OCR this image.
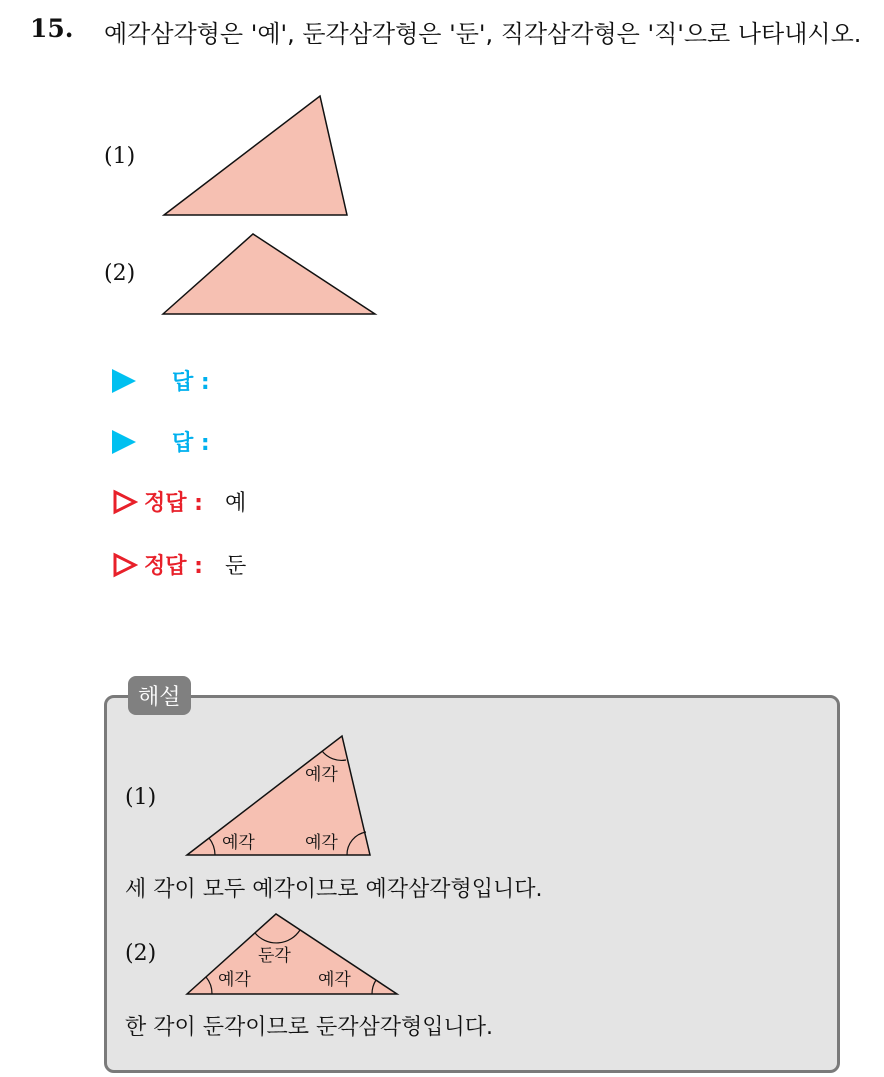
15. 예각삼각형은 '예', 둔각삼각형은 '둔', 직각삼각형은 '직'으로 나타내시오.
(1)
(2)
답 :
답 :
정답 : 예
정답 : 둔
해설
(1)
(2)
예각
예각
예각
둔각
예각	예각
세 각이 모두 예각이므로 예각삼각형입니다.
한 각이 둔각이므로 둔각삼각형입니다.
